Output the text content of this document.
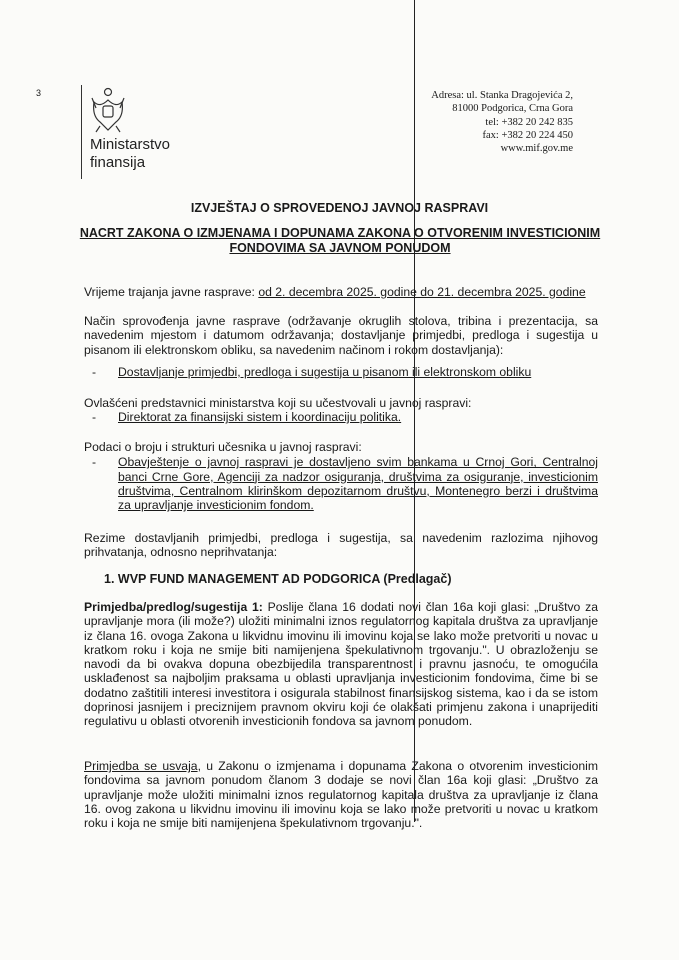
3
Ministarstvo
finansija
Adresa: ul. Stanka Dragojevića 2,
81000 Podgorica, Crna Gora
tel: +382 20 242 835
fax: +382 20 224 450
www.mif.gov.me
IZVJEŠTAJ O SPROVEDENOJ JAVNOJ RASPRAVI
NACRT ZAKONA O IZMJENAMA I DOPUNAMA ZAKONA O OTVORENIM INVESTICIONIM FONDOVIMA SA JAVNOM PONUDOM
Vrijeme trajanja javne rasprave: od 2. decembra 2025. godine do 21. decembra 2025. godine
Način sprovođenja javne rasprave (održavanje okruglih stolova, tribina i prezentacija, sa navedenim mjestom i datumom održavanja; dostavljanje primjedbi, predloga i sugestija u pisanom ili elektronskom obliku, sa navedenim načinom i rokom dostavljanja):
- Dostavljanje primjedbi, predloga i sugestija u pisanom ili elektronskom obliku
Ovlašćeni predstavnici ministarstva koji su učestvovali u javnoj raspravi:
- Direktorat za finansijski sistem i koordinaciju politika.
Podaci o broju i strukturi učesnika u javnoj raspravi:
- Obavještenje o javnoj raspravi je dostavljeno svim bankama u Crnoj Gori, Centralnoj banci Crne Gore, Agenciji za nadzor osiguranja, društvima za osiguranje, investicionim društvima, Centralnom klirinškom depozitarnom društvu, Montenegro berzi i društvima za upravljanje investicionim fondom.
Rezime dostavljanih primjedbi, predloga i sugestija, sa navedenim razlozima njihovog prihvatanja, odnosno neprihvatanja:
1. WVP FUND MANAGEMENT AD PODGORICA (Predlagač)
Primjedba/predlog/sugestija 1: Poslije člana 16 dodati novi član 16a koji glasi: „Društvo za upravljanje mora (ili može?) uložiti minimalni iznos regulatornog kapitala društva za upravljanje iz člana 16. ovoga Zakona u likvidnu imovinu ili imovinu koja se lako može pretvoriti u novac u kratkom roku i koja ne smije biti namijenjena špekulativnom trgovanju.". U obrazloženju se navodi da bi ovakva dopuna obezbijedila transparentnost i pravnu jasnoću, te omogućila usklađenost sa najboljim praksama u oblasti upravljanja investicionim fondovima, čime bi se dodatno zaštitili interesi investitora i osigurala stabilnost finansijskog sistema, kao i da se istom doprinosi jasnijem i preciznijem pravnom okviru koji će olakšati primjenu zakona i unaprijediti regulativu u oblasti otvorenih investicionih fondova sa javnom ponudom.
Primjedba se usvaja, u Zakonu o izmjenama i dopunama Zakona o otvorenim investicionim fondovima sa javnom ponudom članom 3 dodaje se novi član 16a koji glasi: „Društvo za upravljanje može uložiti minimalni iznos regulatornog kapitala društva za upravljanje iz člana 16. ovog zakona u likvidnu imovinu ili imovinu koja se lako može pretvoriti u novac u kratkom roku i koja ne smije biti namijenjena špekulativnom trgovanju.".
